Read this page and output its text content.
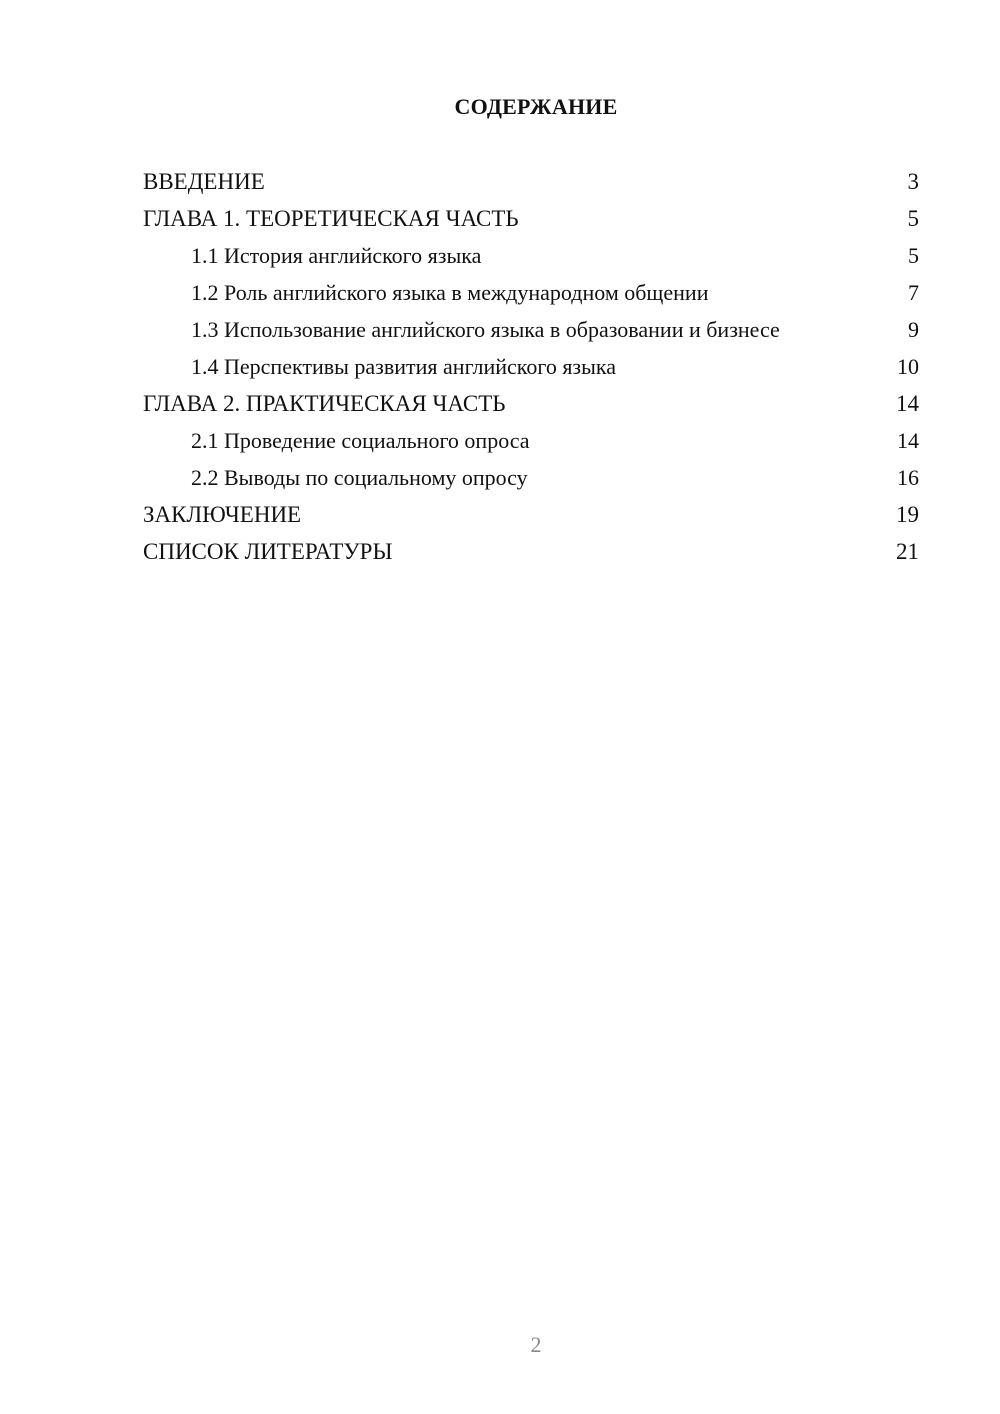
СОДЕРЖАНИЕ
ВВЕДЕНИЕ	3
ГЛАВА 1. ТЕОРЕТИЧЕСКАЯ ЧАСТЬ	5
1.1 История английского языка	5
1.2 Роль английского языка в международном общении	7
1.3 Использование английского языка в образовании и бизнесе	9
1.4 Перспективы развития английского языка	10
ГЛАВА 2. ПРАКТИЧЕСКАЯ ЧАСТЬ	14
2.1 Проведение социального опроса	14
2.2 Выводы по социальному опросу	16
ЗАКЛЮЧЕНИЕ	19
СПИСОК ЛИТЕРАТУРЫ	21
2
